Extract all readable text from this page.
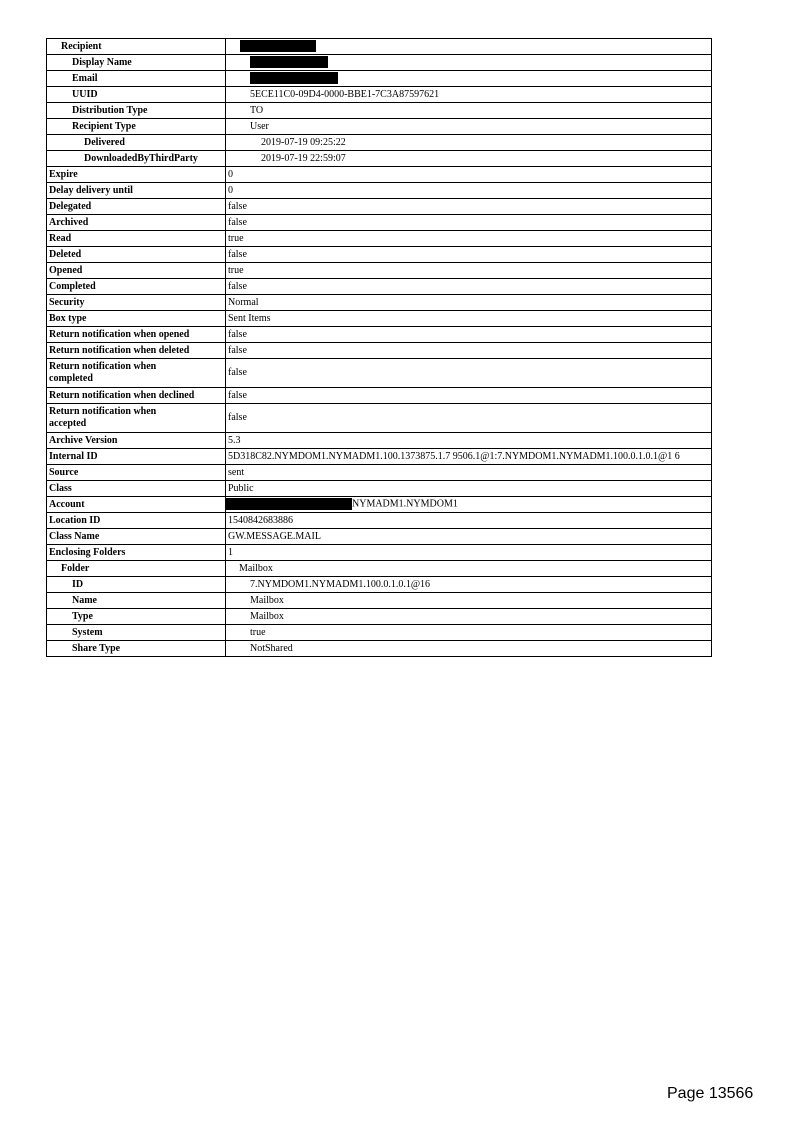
Recipient	
Display Name	
Email	
UUID	5ECE11C0-09D4-0000-BBE1-7C3A87597621
Distribution Type	TO
Recipient Type	User
Delivered	2019-07-19 09:25:22
DownloadedByThirdParty	2019-07-19 22:59:07
Expire	0
Delay delivery until	0
Delegated	false
Archived	false
Read	true
Deleted	false
Opened	true
Completed	false
Security	Normal
Box type	Sent Items
Return notification when opened	false
Return notification when deleted	false
Return notification when completed	false
Return notification when declined	false
Return notification when accepted	false
Archive Version	5.3
Internal ID	5D318C82.NYMDOM1.NYMADM1.100.1373875.1.7 9506.1@1:7.NYMDOM1.NYMADM1.100.0.1.0.1@1 6
Source	sent
Class	Public
Account	NYMADM1.NYMDOM1
Location ID	1540842683886
Class Name	GW.MESSAGE.MAIL
Enclosing Folders	1
Folder	Mailbox
ID	7.NYMDOM1.NYMADM1.100.0.1.0.1@16
Name	Mailbox
Type	Mailbox
System	true
Share Type	NotShared
Page 13566
